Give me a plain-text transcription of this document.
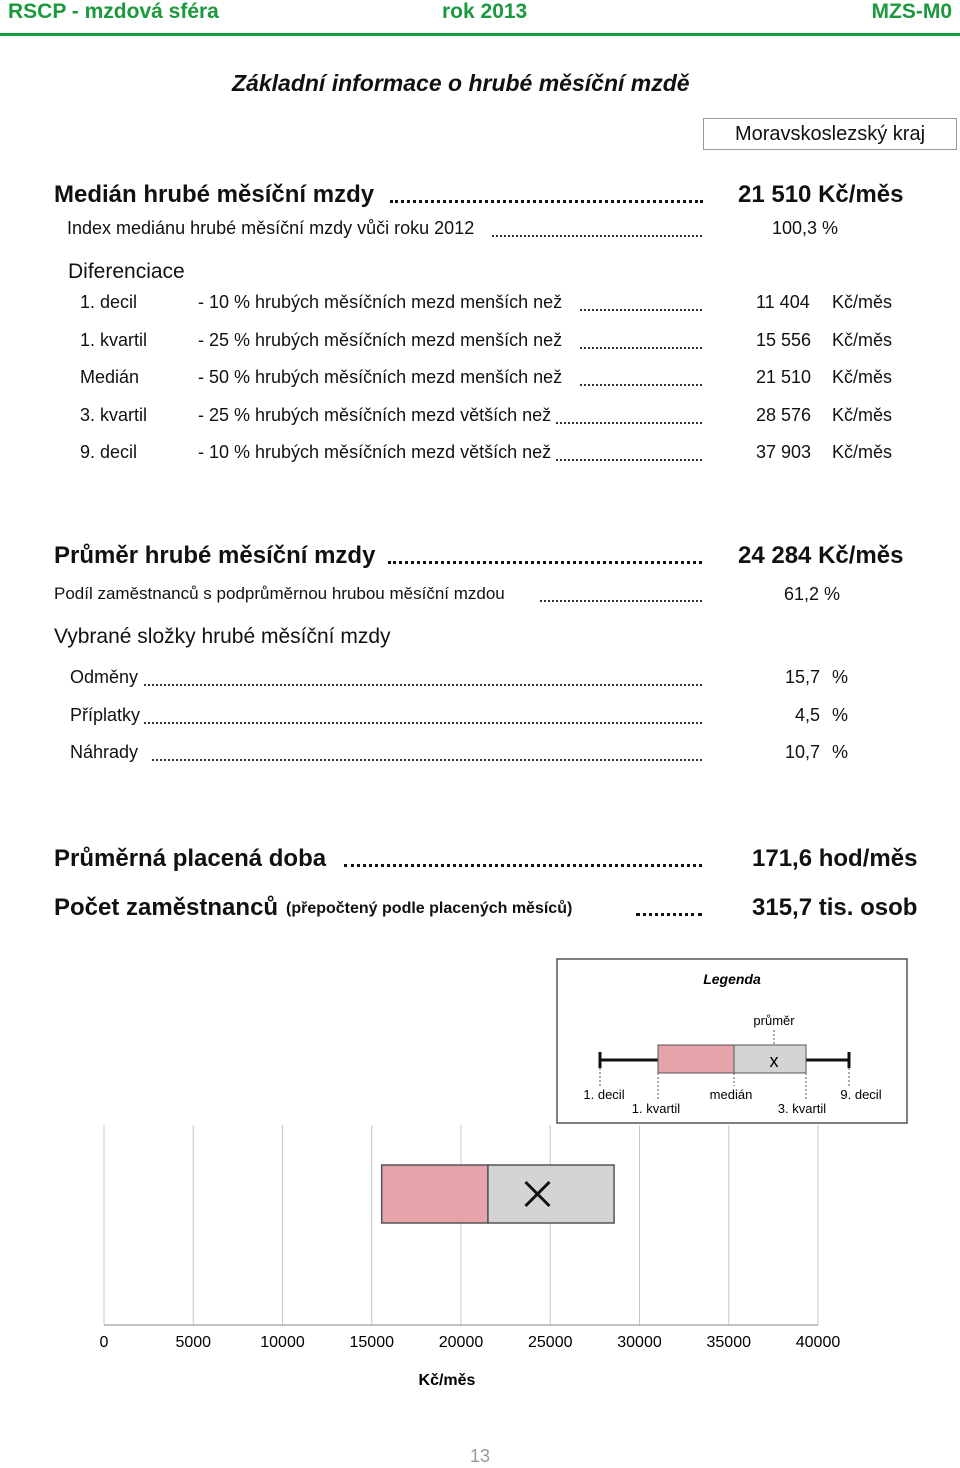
RSCP - mzdová sféra	rok 2013	MZS-M0
Základní informace o hrubé měsíční mzdě
Moravskoslezský kraj
Medián hrubé měsíční mzdy	21 510 Kč/měs
Index mediánu hrubé měsíční mzdy vůči roku 2012	100,3 %
Diferenciace
1. decil	- 10 % hrubých měsíčních mezd menších než	11 404 Kč/měs
1. kvartil	- 25 % hrubých měsíčních mezd menších než	15 556 Kč/měs
Medián	- 50 % hrubých měsíčních mezd menších než	21 510 Kč/měs
3. kvartil	- 25 % hrubých měsíčních mezd větších než	28 576 Kč/měs
9. decil	- 10 % hrubých měsíčních mezd větších než	37 903 Kč/měs
Průměr hrubé měsíční mzdy	24 284 Kč/měs
Podíl zaměstnanců s podprůměrnou hrubou měsíční mzdou	61,2 %
Vybrané složky hrubé měsíční mzdy
Odměny	15,7 %
Příplatky	4,5 %
Náhrady	10,7 %
Průměrná placená doba	171,6 hod/měs
Počet zaměstnanců (přepočtený podle placených měsíců)	315,7 tis. osob
Legenda
průměr
x
1. decil
1. kvartil
medián
3. kvartil
9. decil
0	5000	10000	15000	20000	25000	30000	35000	40000
Kč/měs
13
